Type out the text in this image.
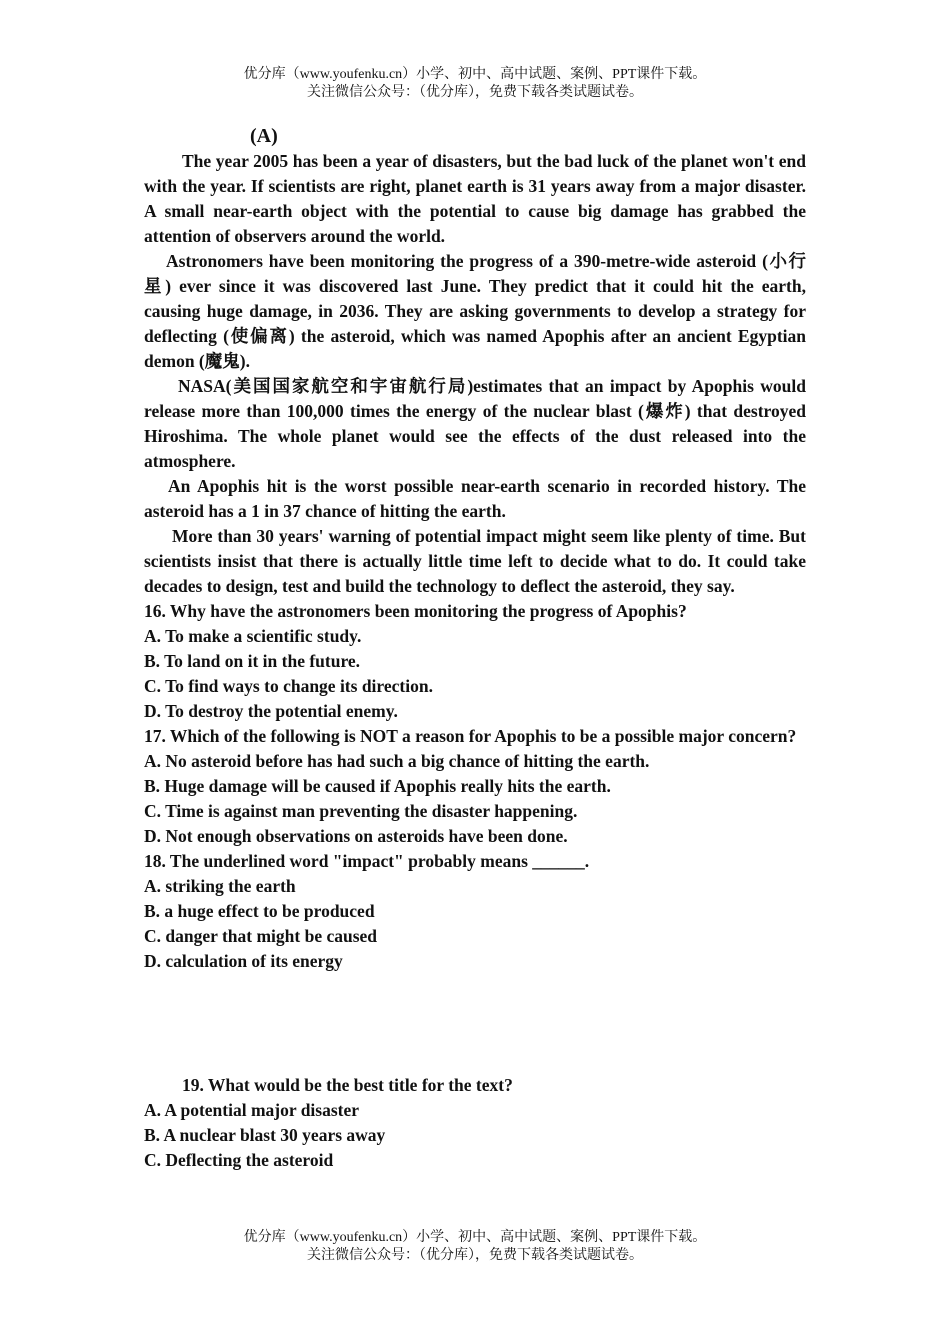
优分库（www.youfenku.cn）小学、初中、高中试题、案例、PPT课件下载。

关注微信公众号：（优分库），免费下载各类试题试卷。

(A)

The year 2005 has been a year of disasters, but the bad luck of the planet won't end with the year. If scientists are right, planet earth is 31 years away from a major disaster. A small near-earth object with the potential to cause big damage has grabbed the attention of observers around the world.

Astronomers have been monitoring the progress of a 390-metre-wide asteroid (小行星) ever since it was discovered last June. They predict that it could hit the earth, causing huge damage, in 2036. They are asking governments to develop a strategy for deflecting (使偏离) the asteroid, which was named Apophis after an ancient Egyptian demon (魔鬼).

NASA(美国国家航空和宇宙航行局)estimates that an impact by Apophis would release more than 100,000 times the energy of the nuclear blast (爆炸) that destroyed Hiroshima. The whole planet would see the effects of the dust released into the atmosphere.

An Apophis hit is the worst possible near-earth scenario in recorded history. The asteroid has a 1 in 37 chance of hitting the earth.

More than 30 years' warning of potential impact might seem like plenty of time. But scientists insist that there is actually little time left to decide what to do. It could take decades to design, test and build the technology to deflect the asteroid, they say.

16. Why have the astronomers been monitoring the progress of Apophis?

A. To make a scientific study.

B. To land on it in the future.

C. To find ways to change its direction.

D. To destroy the potential enemy.

17. Which of the following is NOT a reason for Apophis to be a possible major concern?

A. No asteroid before has had such a big chance of hitting the earth.

B. Huge damage will be caused if Apophis really hits the earth.

C. Time is against man preventing the disaster happening.

D. Not enough observations on asteroids have been done.

18. The underlined word "impact" probably means ______.

A. striking the earth

B. a huge effect to be produced

C. danger that might be caused

D. calculation of its energy

19. What would be the best title for the text?

A. A potential major disaster

B. A nuclear blast 30 years away

C. Deflecting the asteroid

优分库（www.youfenku.cn）小学、初中、高中试题、案例、PPT课件下载。

关注微信公众号：（优分库），免费下载各类试题试卷。
